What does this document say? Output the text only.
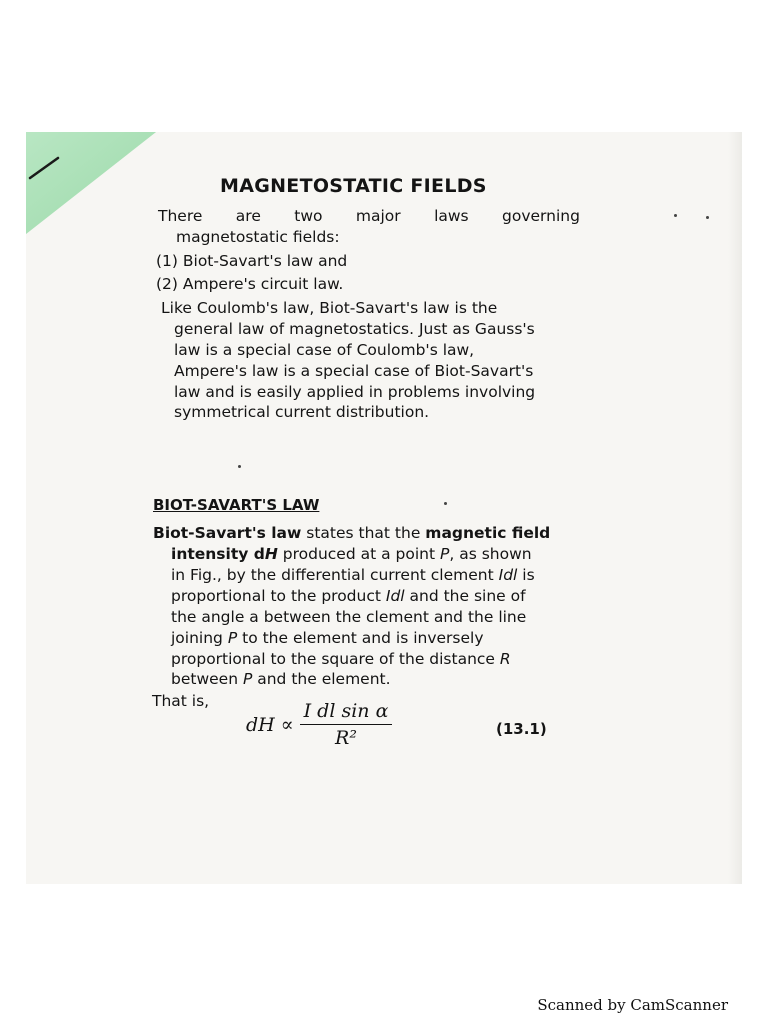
MAGNETOSTATIC FIELDS
There are two major laws governing
magnetostatic fields:
(1) Biot-Savart's law and
(2) Ampere's circuit law.
Like Coulomb's law, Biot-Savart's law is the
general law of magnetostatics. Just as Gauss's
law is a special case of Coulomb's law,
Ampere's law is a special case of Biot-Savart's
law and is easily applied in problems involving
symmetrical current distribution.
BIOT-SAVART'S LAW
Biot-Savart's law states that the magnetic field
intensity dH produced at a point P, as shown
in Fig., by the differential current clement Idl is
proportional to the product Idl and the sine of
the angle a between the clement and the line
joining P to the element and is inversely
proportional to the square of the distance R
between P and the element.
That is,
dH ∝ $\frac{\text{I dl sin α}}{\text{R²}}$	(13.1)
Scanned by CamScanner
